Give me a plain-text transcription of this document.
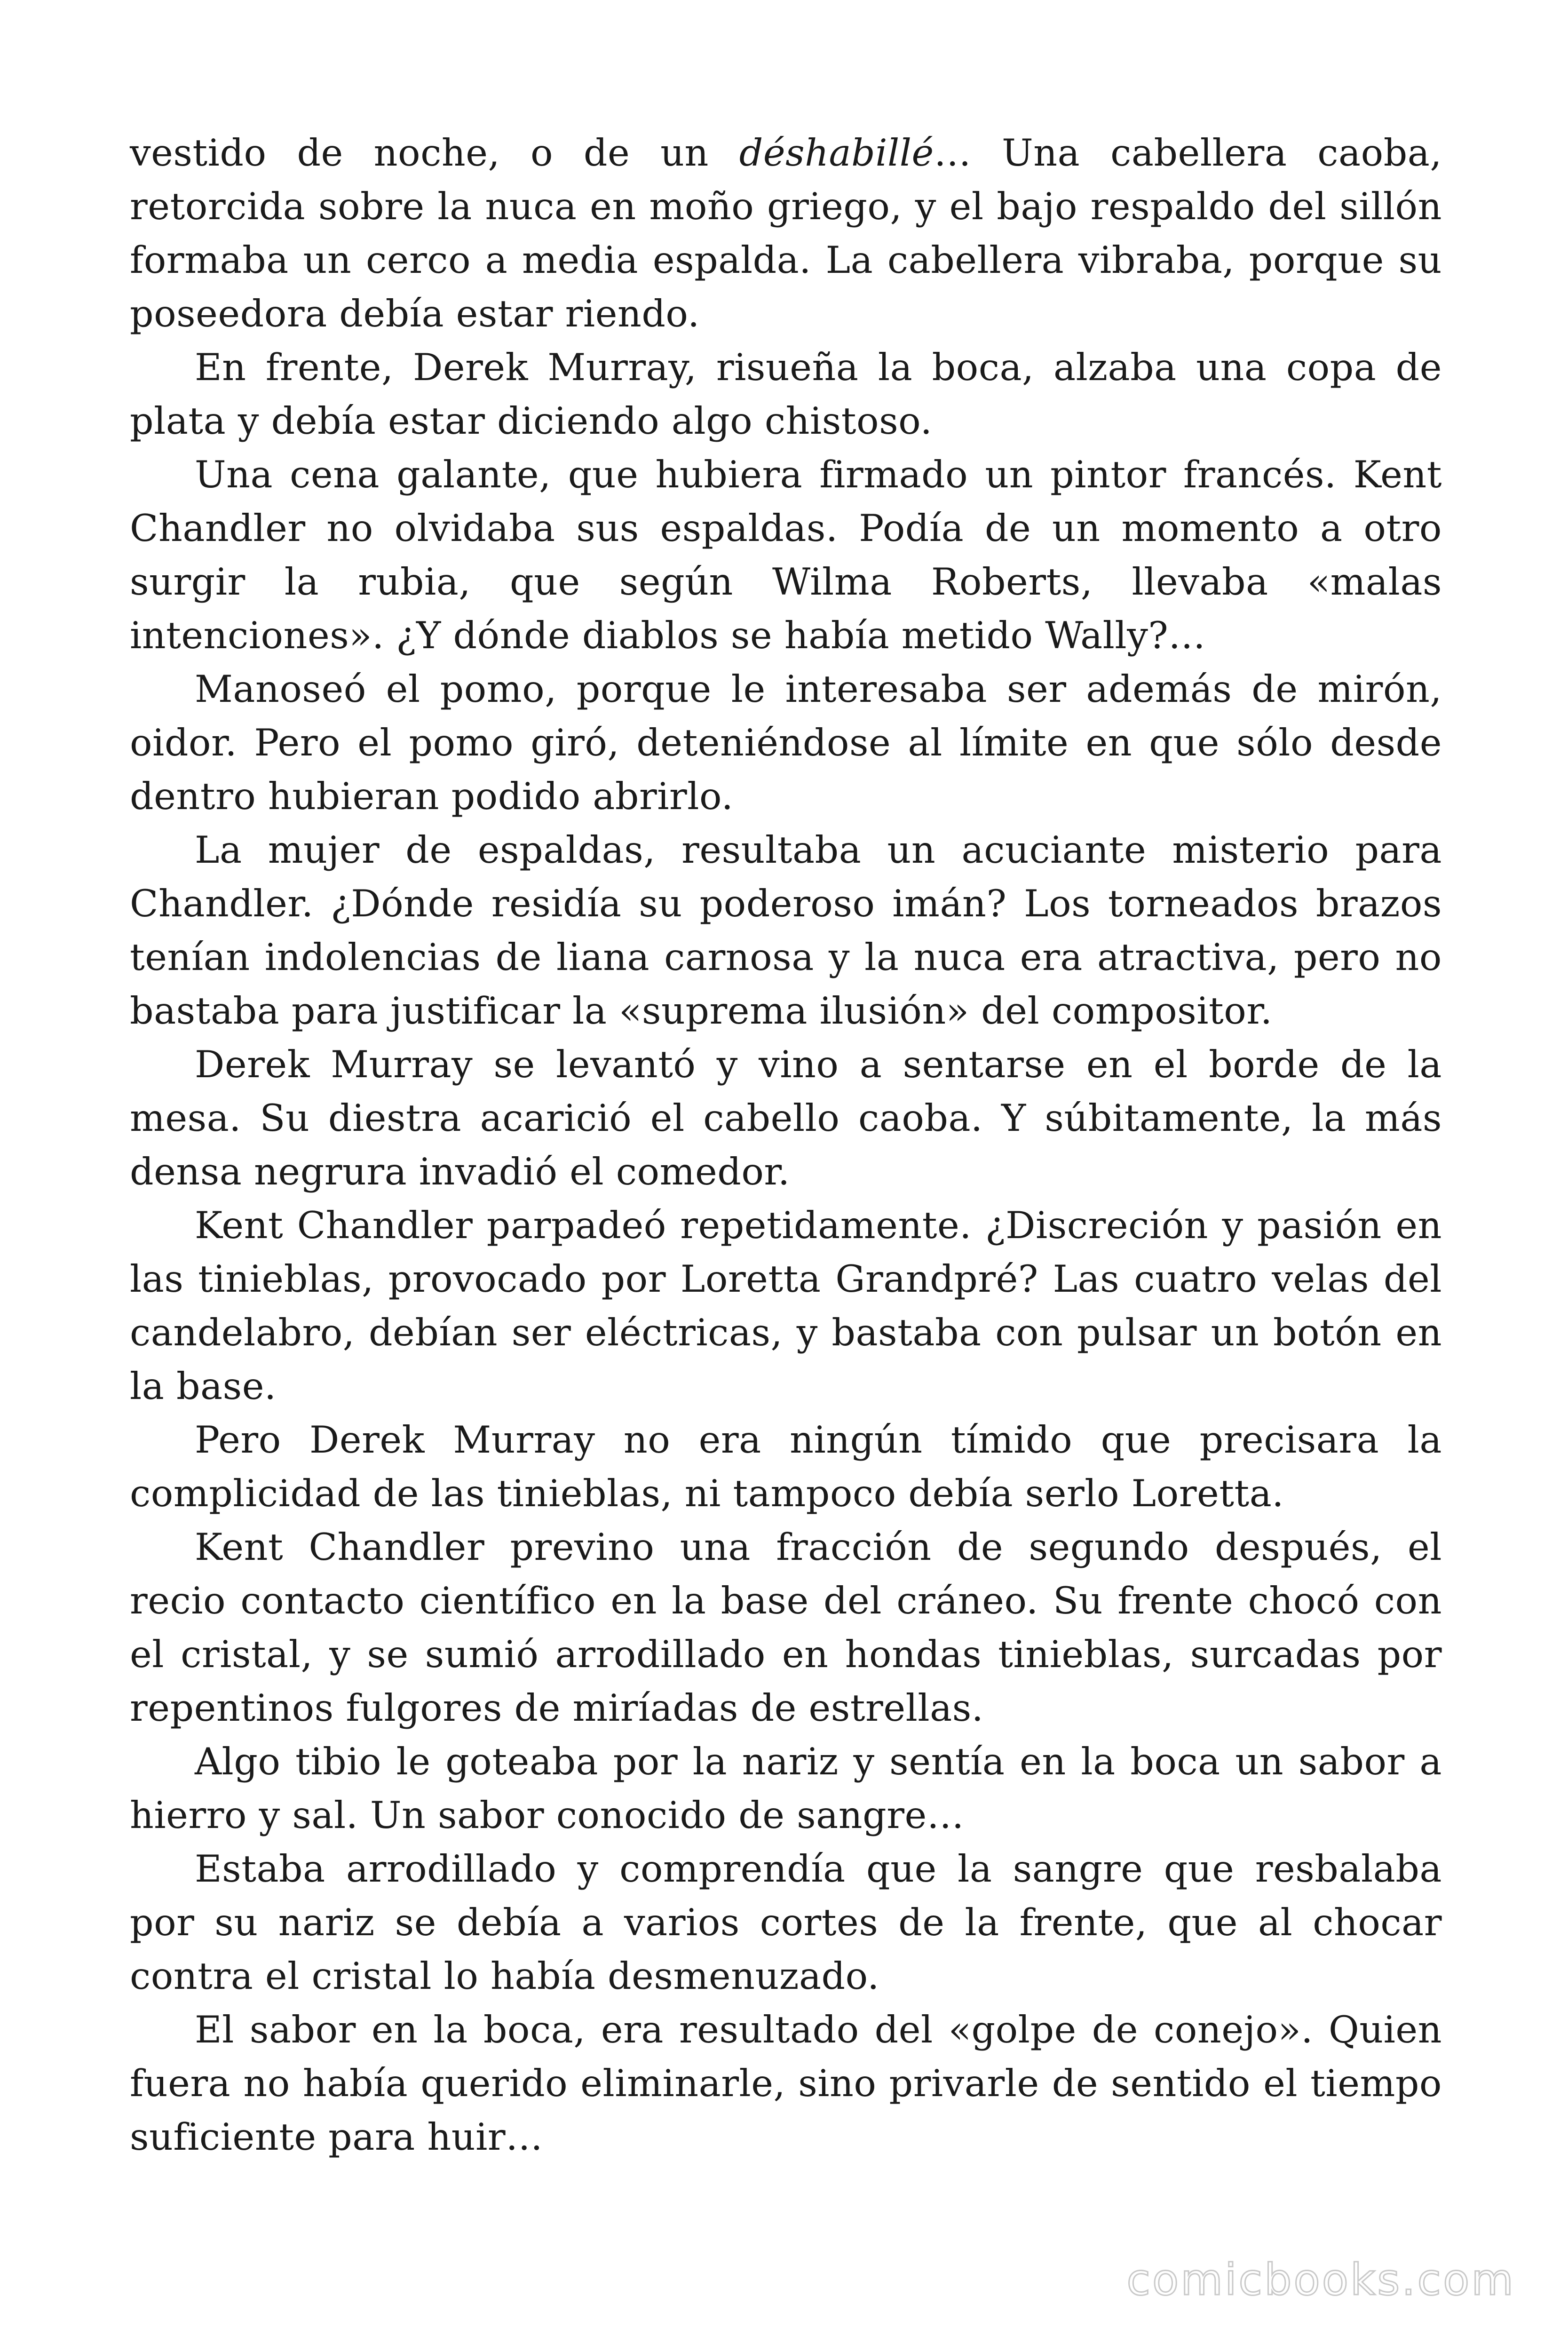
vestido de noche, o de un déshabillé… Una cabellera caoba, retorcida sobre la nuca en moño griego, y el bajo respaldo del sillón formaba un cerco a media espalda. La cabellera vibraba, porque su poseedora debía estar riendo.

En frente, Derek Murray, risueña la boca, alzaba una copa de plata y debía estar diciendo algo chistoso.

Una cena galante, que hubiera firmado un pintor francés. Kent Chandler no olvidaba sus espaldas. Podía de un momento a otro surgir la rubia, que según Wilma Roberts, llevaba «malas intenciones». ¿Y dónde diablos se había metido Wally?…

Manoseó el pomo, porque le interesaba ser además de mirón, oidor. Pero el pomo giró, deteniéndose al límite en que sólo desde dentro hubieran podido abrirlo.

La mujer de espaldas, resultaba un acuciante misterio para Chandler. ¿Dónde residía su poderoso imán? Los torneados brazos tenían indolencias de liana carnosa y la nuca era atractiva, pero no bastaba para justificar la «suprema ilusión» del compositor.

Derek Murray se levantó y vino a sentarse en el borde de la mesa. Su diestra acarició el cabello caoba. Y súbitamente, la más densa negrura invadió el comedor.

Kent Chandler parpadeó repetidamente. ¿Discreción y pasión en las tinieblas, provocado por Loretta Grandpré? Las cuatro velas del candelabro, debían ser eléctricas, y bastaba con pulsar un botón en la base.

Pero Derek Murray no era ningún tímido que precisara la complicidad de las tinieblas, ni tampoco debía serlo Loretta.

Kent Chandler previno una fracción de segundo después, el recio contacto científico en la base del cráneo. Su frente chocó con el cristal, y se sumió arrodillado en hondas tinieblas, surcadas por repentinos fulgores de miríadas de estrellas.

Algo tibio le goteaba por la nariz y sentía en la boca un sabor a hierro y sal. Un sabor conocido de sangre…

Estaba arrodillado y comprendía que la sangre que resbalaba por su nariz se debía a varios cortes de la frente, que al chocar contra el cristal lo había desmenuzado.

El sabor en la boca, era resultado del «golpe de conejo». Quien fuera no había querido eliminarle, sino privarle de sentido el tiempo suficiente para huir…

comicbooks.com
